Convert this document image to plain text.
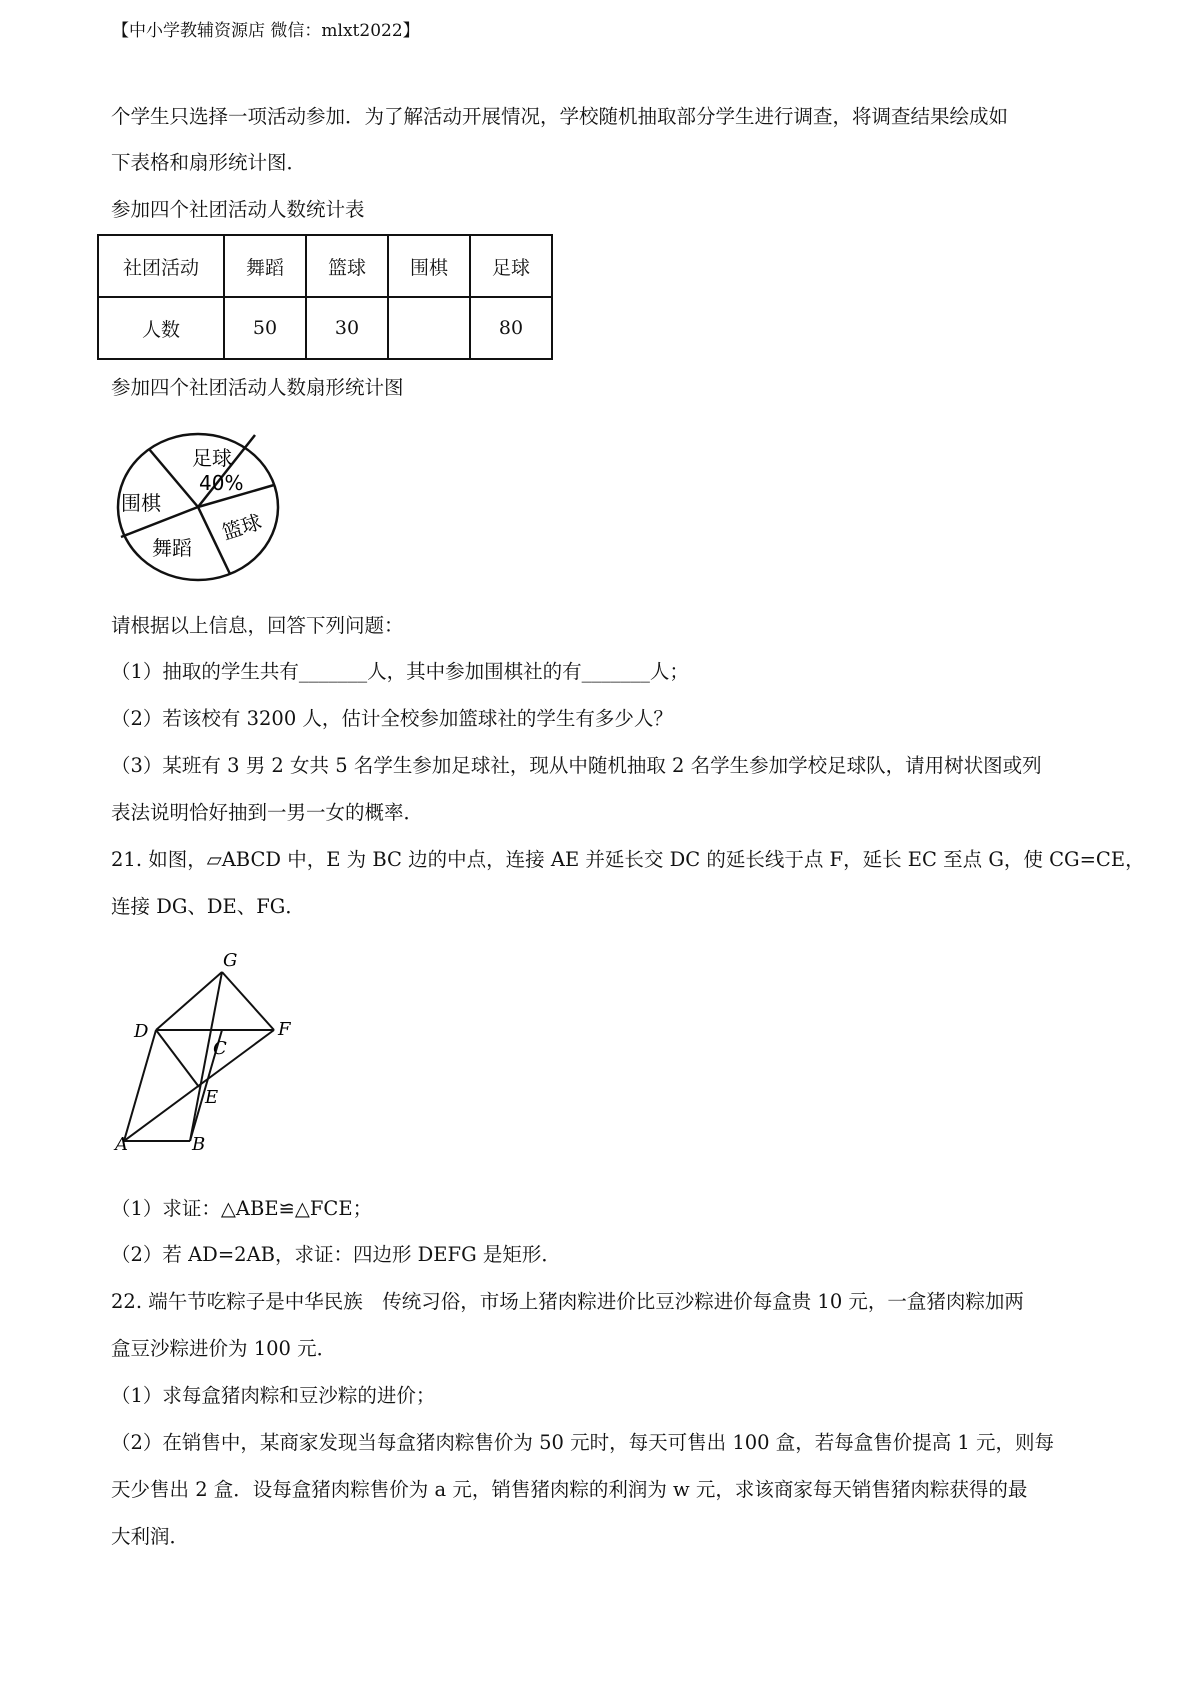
【中小学教辅资源店 微信：mlxt2022】
个学生只选择一项活动参加．为了解活动开展情况，学校随机抽取部分学生进行调查，将调查结果绘成如
下表格和扇形统计图．
参加四个社团活动人数统计表
社团活动	舞蹈	篮球	围棋	足球
人数	50	30		80
参加四个社团活动人数扇形统计图
足球
40%
围棋
舞蹈
篮球
请根据以上信息，回答下列问题：
（1）抽取的学生共有_______人，其中参加围棋社的有_______人；
（2）若该校有 3200 人，估计全校参加篮球社的学生有多少人？
（3）某班有 3 男 2 女共 5 名学生参加足球社，现从中随机抽取 2 名学生参加学校足球队，请用树状图或列
表法说明恰好抽到一男一女的概率．
21. 如图，▱ABCD 中，E 为 BC 边的中点，连接 AE 并延长交 DC 的延长线于点 F，延长 EC 至点 G，使 CG=CE，
连接 DG、DE、FG．
G
D
C
F
E
A	B
（1）求证：△ABE≌△FCE；
（2）若 AD=2AB，求证：四边形 DEFG 是矩形．
22. 端午节吃粽子是中华民族　传统习俗，市场上猪肉粽进价比豆沙粽进价每盒贵 10 元，一盒猪肉粽加两
盒豆沙粽进价为 100 元．
（1）求每盒猪肉粽和豆沙粽的进价；
（2）在销售中，某商家发现当每盒猪肉粽售价为 50 元时，每天可售出 100 盒，若每盒售价提高 1 元，则每
天少售出 2 盒．设每盒猪肉粽售价为 a 元，销售猪肉粽的利润为 w 元，求该商家每天销售猪肉粽获得的最
大利润．
